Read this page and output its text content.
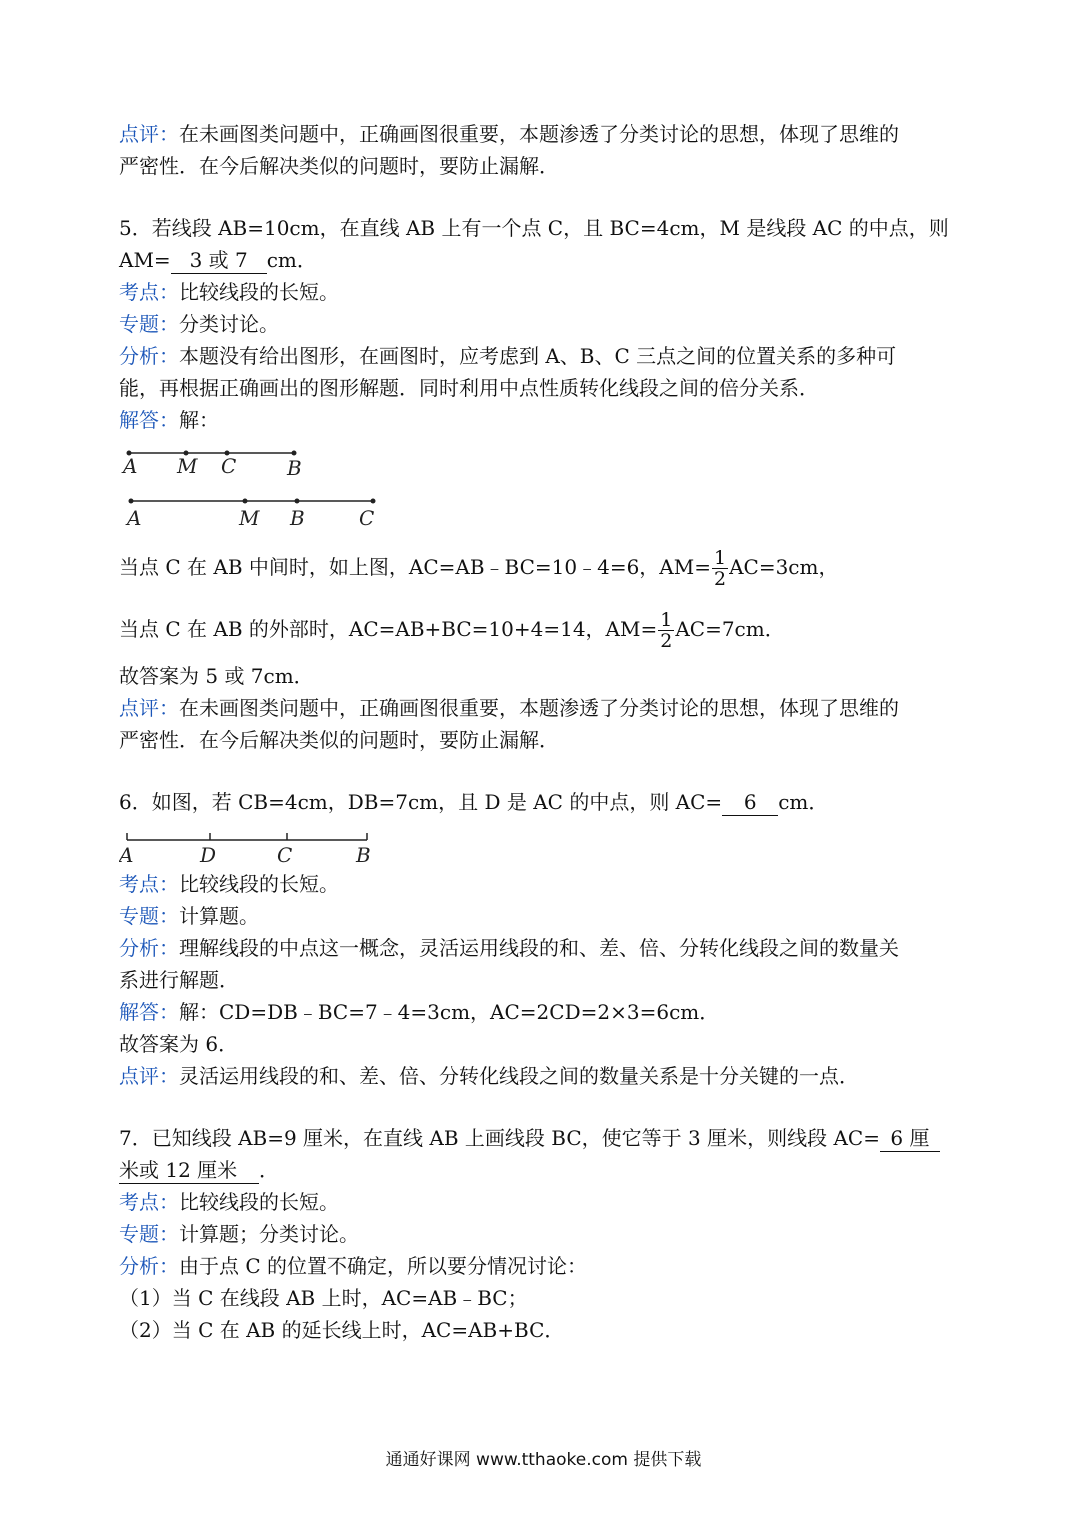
点评：在未画图类问题中，正确画图很重要，本题渗透了分类讨论的思想，体现了思维的
严密性．在今后解决类似的问题时，要防止漏解．
5．若线段 AB=10cm，在直线 AB 上有一个点 C，且 BC=4cm，M 是线段 AC 的中点，则
AM= 3 或 7 cm．
考点：比较线段的长短。
专题：分类讨论。
分析：本题没有给出图形，在画图时，应考虑到 A、B、C 三点之间的位置关系的多种可
能，再根据正确画出的图形解题．同时利用中点性质转化线段之间的倍分关系．
解答：解：
A M C	B
A	M B	C
当点 C 在 AB 中间时，如上图，AC=AB﹣BC=10﹣4=6，$AM= \frac{1}{2} AC=3cm$，
当点 C 在 AB 的外部时，AC=AB+BC=10+4=14，$AM= \frac{1}{2} AC=7cm$．
故答案为 5 或 7cm．
点评：在未画图类问题中，正确画图很重要，本题渗透了分类讨论的思想，体现了思维的
严密性．在今后解决类似的问题时，要防止漏解．
6．如图，若 CB=4cm，DB=7cm，且 D 是 AC 的中点，则 AC= 6 cm．
A	D	C	B
考点：比较线段的长短。
专题：计算题。
分析：理解线段的中点这一概念，灵活运用线段的和、差、倍、分转化线段之间的数量关
系进行解题．
解答：解：CD=DB﹣BC=7﹣4=3cm，AC=2CD=2×3=6cm．
故答案为 6．
点评：灵活运用线段的和、差、倍、分转化线段之间的数量关系是十分关键的一点．
7．已知线段 AB=9 厘米，在直线 AB 上画线段 BC，使它等于 3 厘米，则线段 AC= 6 厘
米或 12 厘米 ．
考点：比较线段的长短。
专题：计算题；分类讨论。
分析：由于点 C 的位置不确定，所以要分情况讨论：
（1）当 C 在线段 AB 上时，AC=AB﹣BC；
（2）当 C 在 AB 的延长线上时，AC=AB+BC．
通通好课网 www.tthaoke.com 提供下载
